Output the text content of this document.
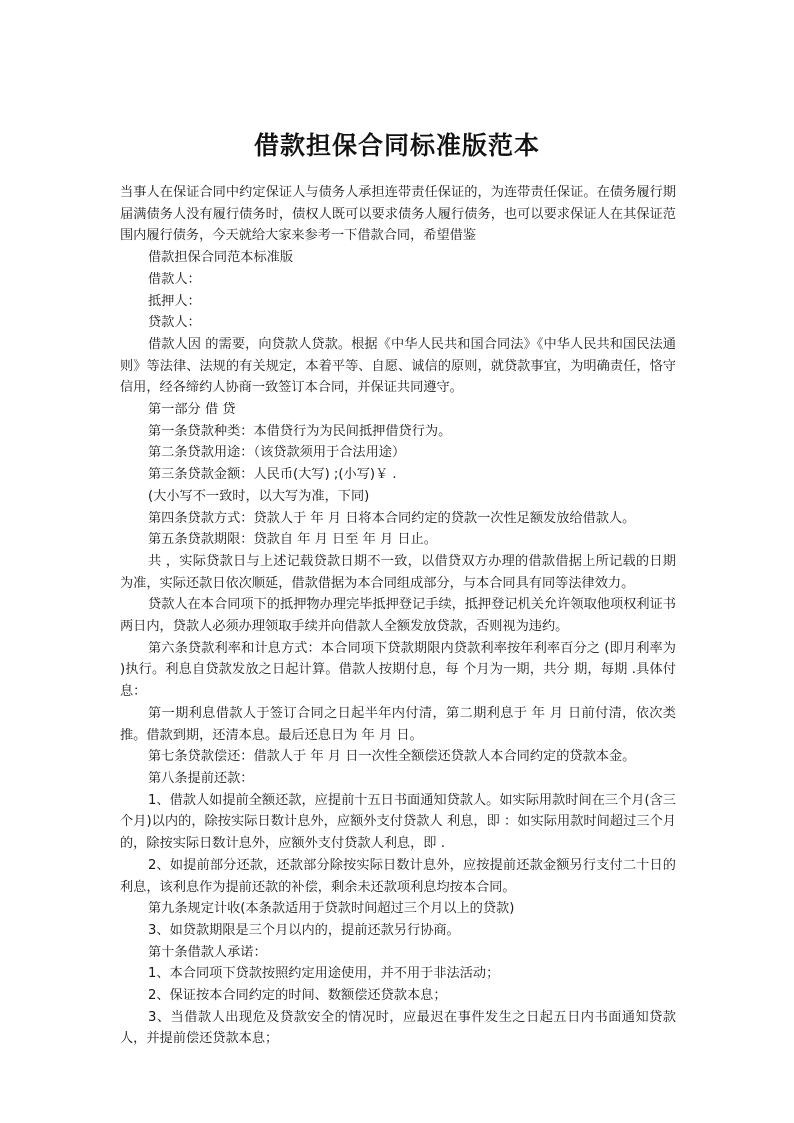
借款担保合同标准版范本

当事人在保证合同中约定保证人与债务人承担连带责任保证的，为连带责任保证。在债务履行期届满债务人没有履行债务时，债权人既可以要求债务人履行债务，也可以要求保证人在其保证范围内履行债务，今天就给大家来参考一下借款合同，希望借鉴

借款担保合同范本标准版

借款人：

抵押人：

贷款人：

借款人因 的需要，向贷款人贷款。根据《中华人民共和国合同法》《中华人民共和国民法通则》等法律、法规的有关规定，本着平等、自愿、诚信的原则，就贷款事宜，为明确责任，恪守信用，经各缔约人协商一致签订本合同，并保证共同遵守。

第一部分 借 贷

第一条贷款种类：本借贷行为为民间抵押借贷行为。

第二条贷款用途：（该贷款须用于合法用途）

第三条贷款金额：人民币(大写) ;(小写)￥ .

(大小写不一致时，以大写为准，下同)

第四条贷款方式：贷款人于 年 月 日将本合同约定的贷款一次性足额发放给借款人。

第五条贷款期限：贷款自 年 月 日至 年 月 日止。

共 ，实际贷款日与上述记载贷款日期不一致，以借贷双方办理的借款借据上所记载的日期为准，实际还款日依次顺延，借款借据为本合同组成部分，与本合同具有同等法律效力。

贷款人在本合同项下的抵押物办理完毕抵押登记手续，抵押登记机关允许领取他项权利证书两日内，贷款人必须办理领取手续并向借款人全额发放贷款，否则视为违约。

第六条贷款利率和计息方式：本合同项下贷款期限内贷款利率按年利率百分之 (即月利率为 )执行。利息自贷款发放之日起计算。借款人按期付息，每 个月为一期，共分 期，每期 .具体付息：

第一期利息借款人于签订合同之日起半年内付清，第二期利息于 年 月 日前付清，依次类推。借款到期，还清本息。最后还息日为 年 月 日。

第七条贷款偿还：借款人于 年 月 日一次性全额偿还贷款人本合同约定的贷款本金。

第八条提前还款：

1、借款人如提前全额还款，应提前十五日书面通知贷款人。如实际用款时间在三个月(含三个月)以内的，除按实际日数计息外，应额外支付贷款人 利息，即 ：如实际用款时间超过三个月的，除按实际日数计息外，应额外支付贷款人利息，即 .

2、如提前部分还款，还款部分除按实际日数计息外，应按提前还款金额另行支付二十日的利息，该利息作为提前还款的补偿，剩余未还款项利息均按本合同。

第九条规定计收(本条款适用于贷款时间超过三个月以上的贷款)

3、如贷款期限是三个月以内的，提前还款另行协商。

第十条借款人承诺：

1、本合同项下贷款按照约定用途使用，并不用于非法活动；

2、保证按本合同约定的时间、数额偿还贷款本息；

3、当借款人出现危及贷款安全的情况时，应最迟在事件发生之日起五日内书面通知贷款人，并提前偿还贷款本息；
